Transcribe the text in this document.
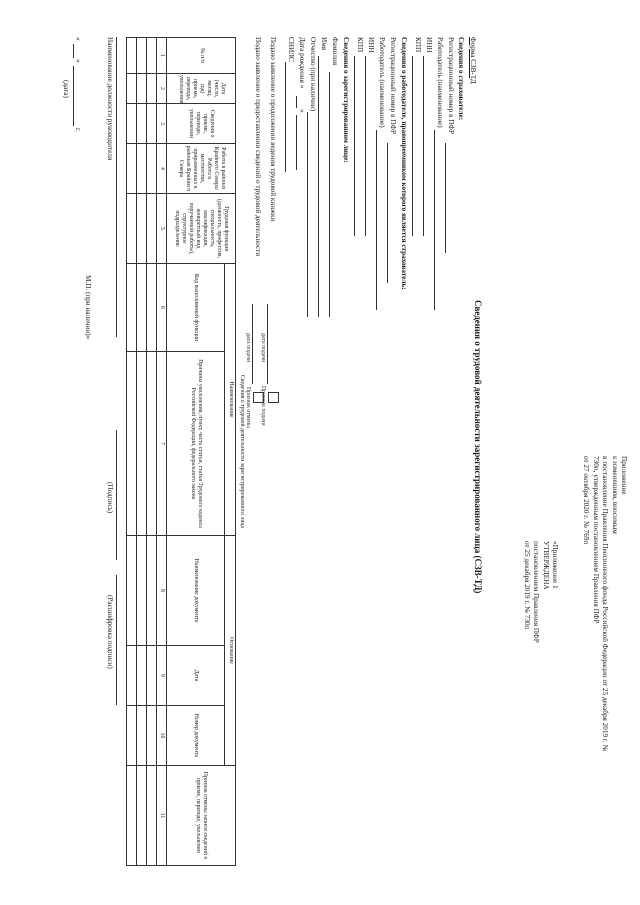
Приложение
к изменениям, вносимым
в постановление Правления Пенсионного фонда Российской Федерации от 25 декабря 2019 г. №
730п, утвержденным постановлением Правления ПФР
от 27 октября 2020 г. № 769п
«Приложение 1
УТВЕРЖДЕНА
постановлением Правления ПФР
от 25 декабря 2019 г. № 730п
Форма СЗВ-ТД
Сведения о трудовой деятельности зарегистрированного лица (СЗВ-ТД)
Сведения о страхователе:
Регистрационный номер в ПФР
Работодатель (наименование)
ИНН
КПП
Сведения о работодателе, правопреемником которого является страхователь:
Регистрационный номер в ПФР
Работодатель (наименование)
ИНН
КПП
Сведения о зарегистрированном лице:
Фамилия
Имя
Отчество (при наличии)
Дата рождения «
»
СНИЛС
Подано заявление о продолжении ведения трудовой книжки
дата подачи
Признак подачи
Подано заявление о предоставлении сведений о трудовой деятельности
дата подачи
Признак отмены
Сведения о трудовой деятельности зарегистрированного лица										
№ п/п	Дата (число, месяц, год) приема, перевода, увольнения	Сведения о приеме, переводе, увольнении	Работа в районах Крайнего Севера/Работа в местностях, приравненных к районам Крайнего Севера	Трудовая функция (должность, профессия, специальность, квалификация, конкретный вид поручаемой работы), структурное подразделение	Наименование		Основание			Признак отмены записи сведений о приеме, переводе, увольнении
					Код выполняемой функции	Причины увольнения, пункт, часть статьи, статья Трудового кодекса Российской Федерации, федерального закона	Наименование документа	Дата	Номер документа	
1	2	3	4	5	6	7	8	9	10	11

Наименование должности руководителя
(Подпись)
(Расшифровка подписи)
М.П. (при наличии)»
«
»
г.
(дата)
